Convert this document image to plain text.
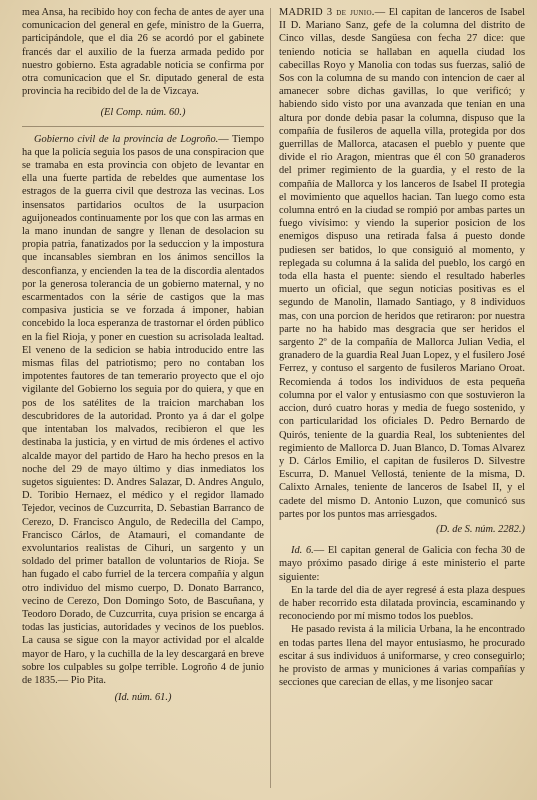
mea Ansa, ha recibido hoy con fecha de antes de ayer una comunicacion del general en gefe, ministro de la Guerra, participándole, que el dia 26 se acordó por el gabinete francés dar el auxilio de la fuerza armada pedido por nuestro gobierno. Esta agradable noticia se confirma por otra comunicacion que el Sr. diputado general de esta provincia ha recibido del de la de Vizcaya.

(El Comp. núm. 60.)

Gobierno civil de la provincia de Logroño.— Tiempo ha que la policía seguia los pasos de una conspiracion que se tramaba en esta provincia con objeto de levantar en ella una fuerte partida de rebeldes que aumentase los estragos de la guerra civil que destroza las vecinas. Los insensatos partidarios ocultos de la usurpacion aguijoneados continuamente por los que con las armas en la mano inundan de sangre y llenan de desolacion su propia patria, fanatizados por la seduccion y la impostura que incansables siembran en los ánimos sencillos la desconfianza, y encienden la tea de la discordia alentados por la generosa tolerancia de un gobierno maternal, y no escarmentados con la série de castigos que la mas compasiva justicia se ve forzada á imponer, habian concebido la loca esperanza de trastornar el órden público en la fiel Rioja, y poner en cuestion su acrisolada lealtad. El veneno de la sedicion se habia introducido entre las mismas filas del patriotismo; pero no contaban los impotentes fautores de tan temerario proyecto que el ojo vigilante del Gobierno los seguia por do quiera, y que en pos de los satélites de la traicion marchaban los descubridores de la autoridad. Pronto ya á dar el golpe que intentaban los malvados, recibieron el que les destinaba la justicia, y en virtud de mis órdenes el activo alcalde mayor del partido de Haro ha hecho presos en la noche del 29 de mayo último y dias inmediatos los sugetos siguientes: D. Andres Salazar, D. Andres Angulo, D. Toribio Hernaez, el médico y el regidor llamado Tejedor, vecinos de Cuzcurrita, D. Sebastian Barranco de Cerezo, D. Francisco Angulo, de Redecilla del Campo, Francisco Cárlos, de Atamauri, el comandante de exvoluntarios realistas de Cihuri, un sargento y un soldado del primer batallon de voluntarios de Rioja. Se han fugado el cabo furriel de la tercera compañía y algun otro individuo del mismo cuerpo, D. Donato Barranco, vecino de Cerezo, Don Domingo Soto, de Bascuñana, y Teodoro Dorado, de Cuzcurrita, cuya prision se encarga á todas las justicias, autoridades y vecinos de los pueblos. La causa se sigue con la mayor actividad por el alcalde mayor de Haro, y la cuchilla de la ley descargará en breve sobre los culpables su golpe terrible. Logroño 4 de junio de 1835.— Pio Pita.

(Id. núm. 61.)

MADRID 3 de junio.— El capitan de lanceros de Isabel II D. Mariano Sanz, gefe de la columna del distrito de Cinco villas, desde Sangüesa con fecha 27 dice: que teniendo noticia se hallaban en aquella ciudad los cabecillas Royo y Manolia con todas sus fuerzas, salió de Sos con la columna de su mando con intencion de caer al amanecer sobre dichas gavillas, lo que verificó; y habiendo sido visto por una avanzada que tenian en una altura por donde debia pasar la columna, dispuso que la compañía de fusileros de aquella villa, protegida por dos guerrillas de Mallorca, atacasen el pueblo y puente que divide el rio Aragon, mientras que él con 50 granaderos del primer regimiento de la guardia, y el resto de la compañía de Mallorca y los lanceros de Isabel II protegia el movimiento que aquellos hacian. Tan luego como esta columna entró en la ciudad se rompió por ambas partes un fuego vivísimo: y viendo la superior posicion de los enemigos dispuso una retirada falsa á puesto donde pudiesen ser batidos, lo que consiguió al momento, y replegada su columna á la salida del pueblo, los cargó en toda ella hasta el puente: siendo el resultado haberles muerto un oficial, que segun noticias positivas es el segundo de Manolin, llamado Santiago, y 8 individuos mas, con una porcion de heridos que retiraron: por nuestra parte no ha habido mas desgracia que ser heridos el sargento 2º de la compañía de Mallorca Julian Vedia, el granadero de la guardia Real Juan Lopez, y el fusilero José Ferrez, y contuso el sargento de fusileros Mariano Oroat. Recomienda á todos los individuos de esta pequeña columna por el valor y entusiasmo con que sostuvieron la accion, duró cuatro horas y media de fuego sostenido, y con particularidad los oficiales D. Pedro Bernardo de Quirós, teniente de la guardia Real, los subtenientes del regimiento de Mallorca D. Juan Blanco, D. Tomas Alvarez y D. Cárlos Emilio, el capitan de fusileros D. Silvestre Escurra, D. Manuel Vellostá, teniente de la misma, D. Calixto Arnales, teniente de lanceros de Isabel II, y el cadete del mismo D. Antonio Luzon, que comunicó sus partes por los puntos mas arriesgados.

(D. de S. núm. 2282.)

Id. 6.— El capitan general de Galicia con fecha 30 de mayo próximo pasado dirige á este ministerio el parte siguiente:

En la tarde del dia de ayer regresé á esta plaza despues de haber recorrido esta dilatada provincia, escaminando y reconociendo por mí mismo todos los pueblos.

He pasado revista á la milicia Urbana, la he encontrado en todas partes llena del mayor entusiasmo, he procurado escitar á sus individuos á uniformarse, y creo conseguirlo; he provisto de armas y municiones á varias compañías y secciones que carecian de ellas, y me lisonjeo sacar
